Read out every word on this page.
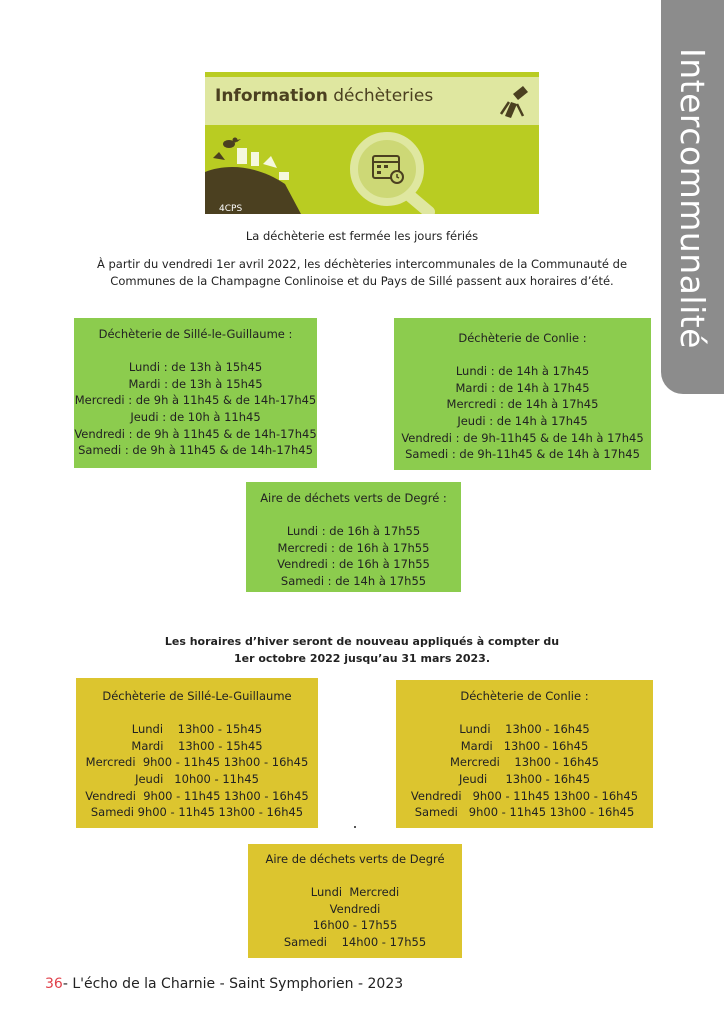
Intercommunalité
Information déchèteries
4CPS
La déchèterie est fermée les jours fériés
À partir du vendredi 1er avril 2022, les déchèteries intercommunales de la Communauté de
Communes de la Champagne Conlinoise et du Pays de Sillé passent aux horaires d’été.
Déchèterie de Sillé-le-Guillaume :
Lundi : de 13h à 15h45
Mardi : de 13h à 15h45
Mercredi : de 9h à 11h45 & de 14h-17h45
Jeudi : de 10h à 11h45
Vendredi : de 9h à 11h45 & de 14h-17h45
Samedi : de 9h à 11h45 & de 14h-17h45
Déchèterie de Conlie :
Lundi : de 14h à 17h45
Mardi : de 14h à 17h45
Mercredi : de 14h à 17h45
Jeudi : de 14h à 17h45
Vendredi : de 9h-11h45 & de 14h à 17h45
Samedi : de 9h-11h45 & de 14h à 17h45
Aire de déchets verts de Degré :
Lundi : de 16h à 17h55
Mercredi : de 16h à 17h55
Vendredi : de 16h à 17h55
Samedi : de 14h à 17h55
Les horaires d’hiver seront de nouveau appliqués à compter du
1er octobre 2022 jusqu’au 31 mars 2023.
Déchèterie de Sillé-Le-Guillaume
Lundi    13h00 - 15h45
Mardi    13h00 - 15h45
Mercredi  9h00 - 11h45 13h00 - 16h45
Jeudi   10h00 - 11h45
Vendredi  9h00 - 11h45 13h00 - 16h45
Samedi 9h00 - 11h45 13h00 - 16h45
Déchèterie de Conlie :
Lundi    13h00 - 16h45
Mardi   13h00 - 16h45
Mercredi    13h00 - 16h45
Jeudi     13h00 - 16h45
Vendredi   9h00 - 11h45 13h00 - 16h45
Samedi   9h00 - 11h45 13h00 - 16h45
Aire de déchets verts de Degré
Lundi  Mercredi
Vendredi
16h00 - 17h55
Samedi    14h00 - 17h55
36- L'écho de la Charnie - Saint Symphorien - 2023
